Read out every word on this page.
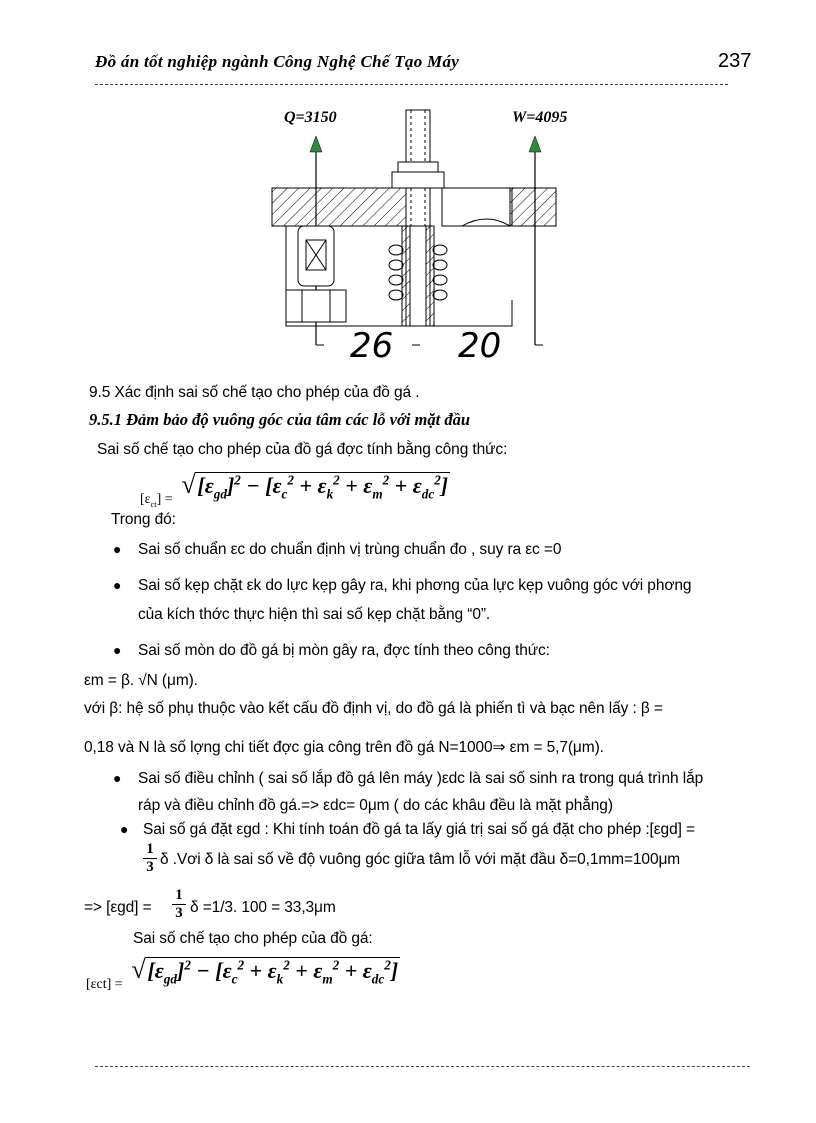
Đồ án tốt nghiệp ngành Công Nghệ Chế Tạo Máy	237
Q=3150	W=4095
26 20
9.5 Xác định sai số chế tạo cho phép của đồ gá .
9.5.1 Đảm bảo độ vuông góc của tâm các lỗ với mặt đầu
Sai số chế tạo cho phép của đồ gá đợc tính bằng công thức:
$[\varepsilon_{ct}] = √[\varepsilon_{gd}]^2 - [\varepsilon_c^2 + \varepsilon_k^2 + \varepsilon_m^2 + \varepsilon_{dc}^2]$
Trong đó:
● Sai số chuẩn εc do chuẩn định vị trùng chuẩn đo , suy ra εc =0
● Sai số kẹp chặt εk do lực kẹp gây ra, khi phơng của lực kẹp vuông góc với phơng
của kích thớc thực hiện thì sai số kẹp chặt bằng “0”.
● Sai số mòn do đồ gá bị mòn gây ra, đợc tính theo công thức:
εm = β. √N (μm).
với β: hệ số phụ thuộc vào kết cấu đồ định vị, do đồ gá là phiến tì và bạc nên lấy : β =
0,18 và N là số lợng chi tiết đợc gia công trên đồ gá N=1000⇒ εm = 5,7(μm).
● Sai số điều chỉnh ( sai số lắp đồ gá lên máy )εdc là sai số sinh ra trong quá trình lắp
ráp và điều chỉnh đồ gá.=> εdc= 0μm ( do các khâu đều là mặt phẳng)
● Sai số gá đặt εgd : Khi tính toán đồ gá ta lấy giá trị sai số gá đặt cho phép :[εgd] =
1
3 δ .Vơi δ là sai số về độ vuông góc giữa tâm lỗ với mặt đầu δ=0,1mm=100μm
=> [εgd] =
1
3 δ =1/3. 100 = 33,3μm
Sai số chế tạo cho phép của đồ gá:
$[\varepsilon ct] = √[\varepsilon_{gd}]^2 - [\varepsilon_c^2 + \varepsilon_k^2 + \varepsilon_m^2 + \varepsilon_{dc}^2]$
